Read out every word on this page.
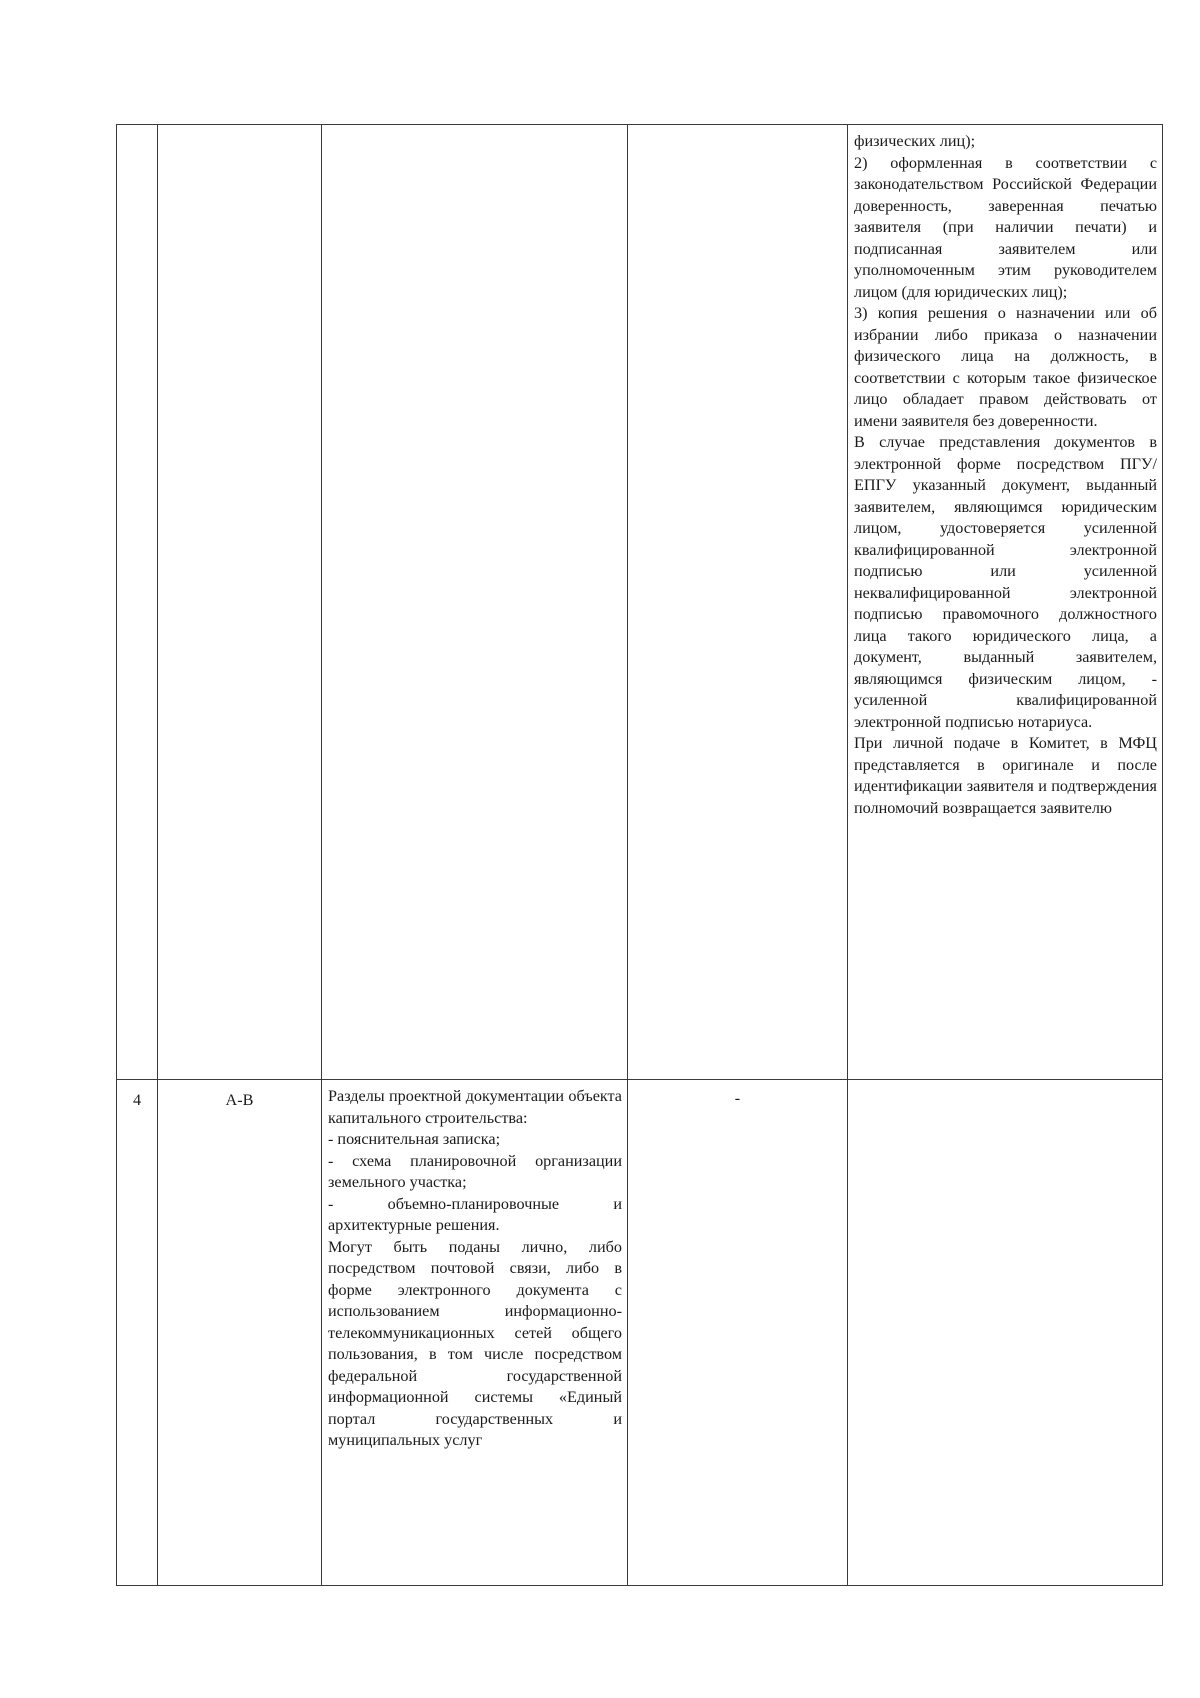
				физических лиц);

2) оформленная в соответствии с законодательством Российской Федерации доверенность, заверенная печатью заявителя (при наличии печати) и подписанная заявителем или уполномоченным этим руководителем лицом (для юридических лиц);

3) копия решения о назначении или об избрании либо приказа о назначении физического лица на должность, в соответствии с которым такое физическое лицо обладает правом действовать от имени заявителя без доверенности.

В случае представления документов в электронной форме посредством ПГУ/ЕПГУ указанный документ, выданный заявителем, являющимся юридическим лицом, удостоверяется усиленной квалифицированной электронной подписью или усиленной неквалифицированной электронной подписью правомочного должностного лица такого юридического лица, а документ, выданный заявителем, являющимся физическим лицом, - усиленной квалифицированной электронной подписью нотариуса.

При личной подаче в Комитет, в МФЦ представляется в оригинале и после идентификации заявителя и подтверждения полномочий возвращается заявителю

4	А-В	Разделы проектной документации объекта капитального строительства:

- пояснительная записка;

- схема планировочной организации земельного участка;

- объемно-планировочные и архитектурные решения.

Могут быть поданы лично, либо посредством почтовой связи, либо в форме электронного документа с использованием информационно-телекоммуникационных сетей общего пользования, в том числе посредством федеральной государственной информационной системы «Единый портал государственных и муниципальных услуг	-	
